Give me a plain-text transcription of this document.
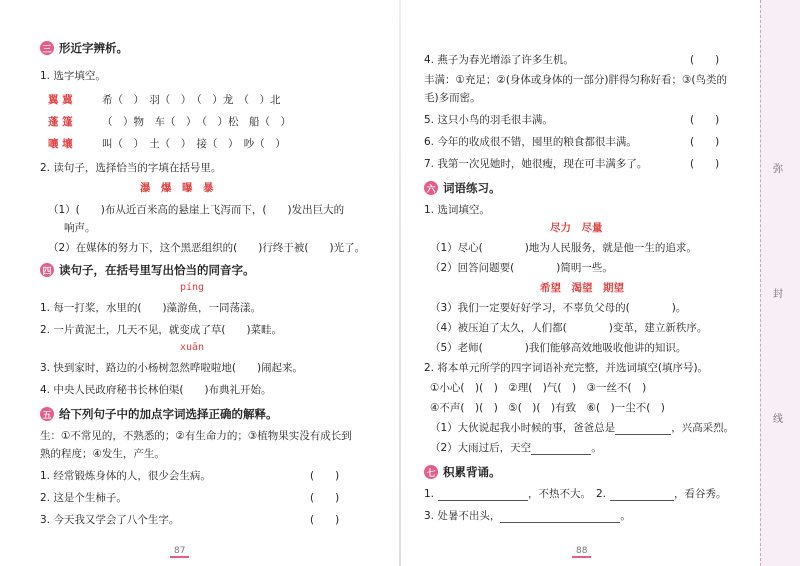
三 形近字辨析。
1. 选字填空。
翼 冀	希（　）　羽（　）　（　）龙　（　）北
蓬 篷	（　）物　车（　）　（　）松　船（　）
嚷 壤	叫（　）　土（　）　接（　）　吵（　）
2. 读句子，选择恰当的字填在括号里。
瀑　爆　曝　暴
（1）(　　)布从近百米高的悬崖上飞泻而下，(　　)发出巨大的
响声。
（2）在媒体的努力下，这个黑恶组织的(　　)行终于被(　　)光了。
四 读句子，在括号里写出恰当的同音字。
píng
1. 每一打桨，水里的(　　)藻游鱼，一同荡漾。
2. 一片黄泥土，几天不见，就变成了草(　　)菜畦。
xuān
3. 快到家时，路边的小杨树忽然哗啦啦地(　　)闹起来。
4. 中央人民政府秘书长林伯渠(　　)布典礼开始。
五 给下列句子中的加点字词选择正确的解释。
生：①不常见的，不熟悉的；②有生命力的；③植物果实没有成长到
熟的程度；④发生，产生。
1. 经常锻炼身体的人，很少会生病。	(　　)
2. 这是个生柿子。	(　　)
3. 今天我又学会了八个生字。	(　　)
87
4. 燕子为春光增添了许多生机。	(　　)
丰满：①充足；②(身体或身体的一部分)胖得匀称好看；③(鸟类的
毛)多而密。
5. 这只小鸟的羽毛很丰满。	(　　)
6. 今年的收成很不错，囤里的粮食都很丰满。	(　　)
7. 我第一次见她时，她很瘦，现在可丰满多了。	(　　)
六 词语练习。
1. 选词填空。
尽力　尽量
（1）尽心(　　　　)地为人民服务，就是他一生的追求。
（2）回答问题要(　　　　)简明一些。
希望　渴望　期望
（3）我们一定要好好学习，不辜负父母的(　　　　)。
（4）被压迫了太久，人们都(　　　　)变革，建立新秩序。
（5）老师(　　　　)我们能够高效地吸收他讲的知识。
2. 将本单元所学的四字词语补充完整，并选词填空(填序号)。
①小心(　)(　)　②理(　)气(　)　③一丝不(　)
④不声(　)(　)　⑤(　)(　)有致　⑥(　)一尘不(　)
（1）大伙说起我小时候的事，爸爸总是	，兴高采烈。
（2）大雨过后，天空	。
七 积累背诵。
1.	，不热不大。 2.	，看谷秀。
3. 处暑不出头，	。
88
弥
封
线
